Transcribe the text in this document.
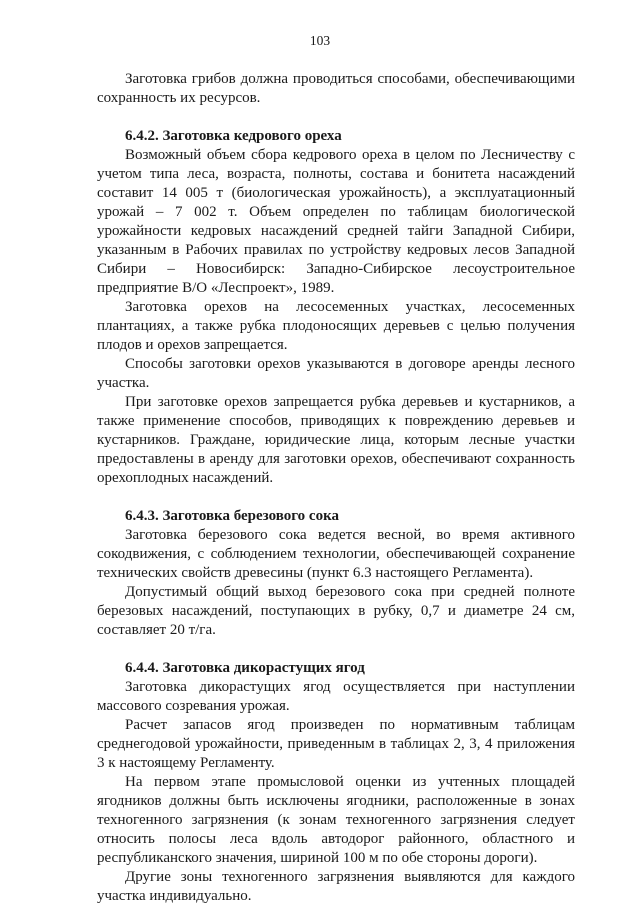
103

Заготовка грибов должна проводиться способами, обеспечивающими сохранность их ресурсов.

6.4.2. Заготовка кедрового ореха

Возможный объем сбора кедрового ореха в целом по Лесничеству с учетом типа леса, возраста, полноты, состава и бонитета насаждений составит 14 005 т (биологическая урожайность), а эксплуатационный урожай – 7 002 т. Объем определен по таблицам биологической урожайности кедровых насаждений средней тайги Западной Сибири, указанным в Рабочих правилах по устройству кедровых лесов Западной Сибири – Новосибирск: Западно-Сибирское лесоустроительное предприятие В/О «Леспроект», 1989.

Заготовка орехов на лесосеменных участках, лесосеменных плантациях, а также рубка плодоносящих деревьев с целью получения плодов и орехов запрещается.

Способы заготовки орехов указываются в договоре аренды лесного участка.

При заготовке орехов запрещается рубка деревьев и кустарников, а также применение способов, приводящих к повреждению деревьев и кустарников. Граждане, юридические лица, которым лесные участки предоставлены в аренду для заготовки орехов, обеспечивают сохранность орехоплодных насаждений.

6.4.3. Заготовка березового сока

Заготовка березового сока ведется весной, во время активного сокодвижения, с соблюдением технологии, обеспечивающей сохранение технических свойств древесины (пункт 6.3 настоящего Регламента).

Допустимый общий выход березового сока при средней полноте березовых насаждений, поступающих в рубку, 0,7 и диаметре 24 см, составляет 20 т/га.

6.4.4. Заготовка дикорастущих ягод

Заготовка дикорастущих ягод осуществляется при наступлении массового созревания урожая.

Расчет запасов ягод произведен по нормативным таблицам среднегодовой урожайности, приведенным в таблицах 2, 3, 4 приложения 3 к настоящему Регламенту.

На первом этапе промысловой оценки из учтенных площадей ягодников должны быть исключены ягодники, расположенные в зонах техногенного загрязнения (к зонам техногенного загрязнения следует относить полосы леса вдоль автодорог районного, областного и республиканского значения, шириной 100 м по обе стороны дороги).

Другие зоны техногенного загрязнения выявляются для каждого участка индивидуально.
